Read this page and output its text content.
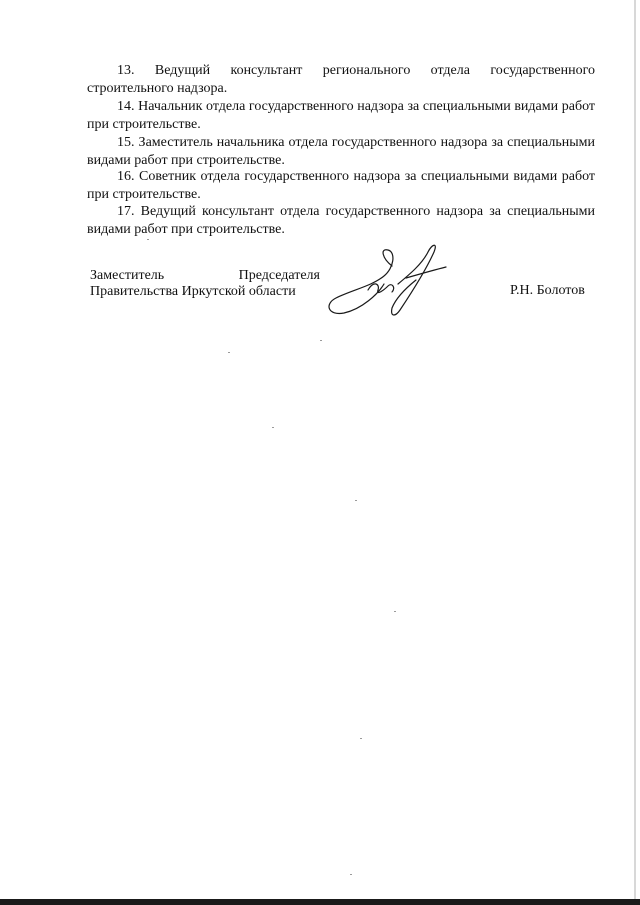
13. Ведущий консультант регионального отдела государственного строительного надзора.

14. Начальник отдела государственного надзора за специальными видами работ при строительстве.

15. Заместитель начальника отдела государственного надзора за специальными видами работ при строительстве.

16. Советник отдела государственного надзора за специальными видами работ при строительстве.

17. Ведущий консультант отдела государственного надзора за специальными видами работ при строительстве.

Заместитель	Председателя
Правительства Иркутской области	Р.Н. Болотов
